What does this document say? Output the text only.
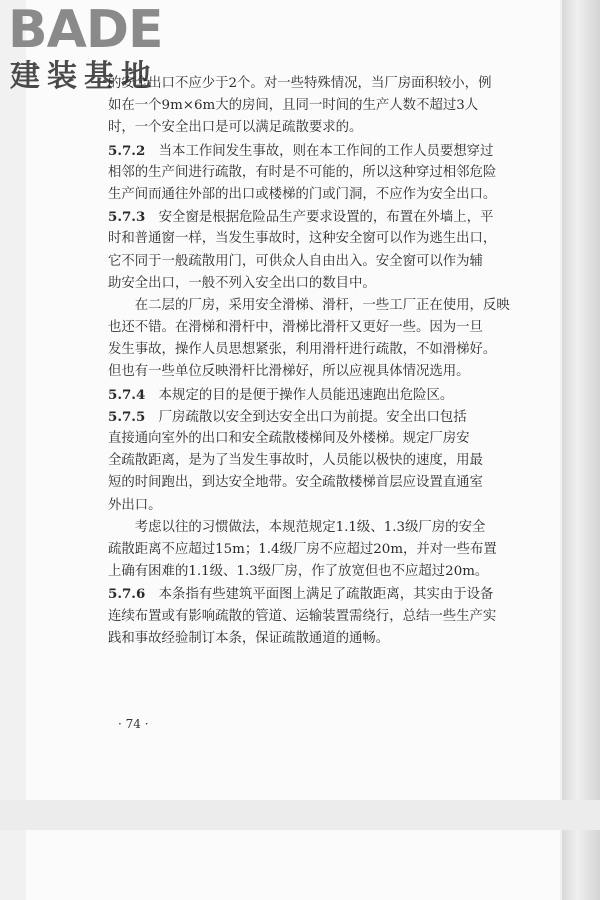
BADE
建装基地
的安全出口不应少于2个。对一些特殊情况，当厂房面积较小，例
如在一个9m×6m大的房间，且同一时间的生产人数不超过3人
时，一个安全出口是可以满足疏散要求的。
5.7.2　 当本工作间发生事故，则在本工作间的工作人员要想穿过
相邻的生产间进行疏散，有时是不可能的，所以这种穿过相邻危险
生产间而通往外部的出口或楼梯的门或门洞，不应作为安全出口。
5.7.3　 安全窗是根据危险品生产要求设置的，布置在外墙上，平
时和普通窗一样，当发生事故时，这种安全窗可以作为逃生出口，
它不同于一般疏散用门，可供众人自由出入。安全窗可以作为辅
助安全出口，一般不列入安全出口的数目中。
　　在二层的厂房，采用安全滑梯、滑杆，一些工厂正在使用，反映
也还不错。在滑梯和滑杆中，滑梯比滑杆又更好一些。因为一旦
发生事故，操作人员思想紧张，利用滑杆进行疏散，不如滑梯好。
但也有一些单位反映滑杆比滑梯好，所以应视具体情况选用。
5.7.4　 本规定的目的是便于操作人员能迅速跑出危险区。
5.7.5　 厂房疏散以安全到达安全出口为前提。安全出口包括
直接通向室外的出口和安全疏散楼梯间及外楼梯。规定厂房安
全疏散距离，是为了当发生事故时，人员能以极快的速度，用最
短的时间跑出，到达安全地带。安全疏散楼梯首层应设置直通室
外出口。
　　考虑以往的习惯做法，本规范规定1.1级、1.3级厂房的安全
疏散距离不应超过15m；1.4级厂房不应超过20m，并对一些布置
上确有困难的1.1级、1.3级厂房，作了放宽但也不应超过20m。
5.7.6　 本条指有些建筑平面图上满足了疏散距离，其实由于设备
连续布置或有影响疏散的管道、运输装置需绕行，总结一些生产实
践和事故经验制订本条，保证疏散通道的通畅。
· 74 ·
